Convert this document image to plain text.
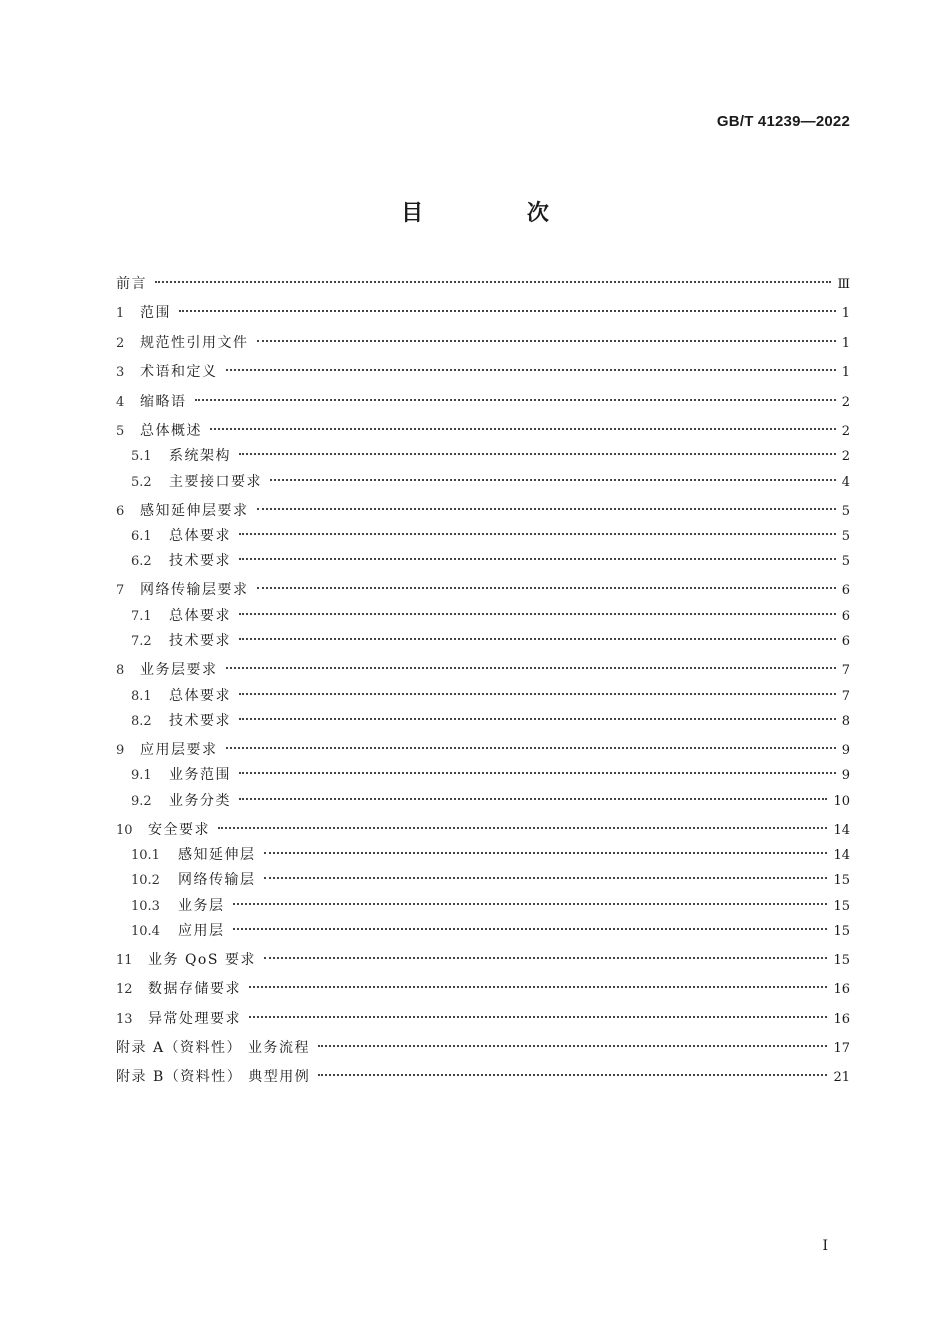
GB/T 41239—2022
目 次
前言	Ⅲ
1	范围	1
2	规范性引用文件	1
3	术语和定义	1
4	缩略语	2
5	总体概述	2
5.1	系统架构	2
5.2	主要接口要求	4
6	感知延伸层要求	5
6.1	总体要求	5
6.2	技术要求	5
7	网络传输层要求	6
7.1	总体要求	6
7.2	技术要求	6
8	业务层要求	7
8.1	总体要求	7
8.2	技术要求	8
9	应用层要求	9
9.1	业务范围	9
9.2	业务分类	10
10	安全要求	14
10.1	感知延伸层	14
10.2	网络传输层	15
10.3	业务层	15
10.4	应用层	15
11	业务 QoS 要求	15
12	数据存储要求	16
13	异常处理要求	16
附录 A（资料性） 业务流程	17
附录 B（资料性） 典型用例	21
I
